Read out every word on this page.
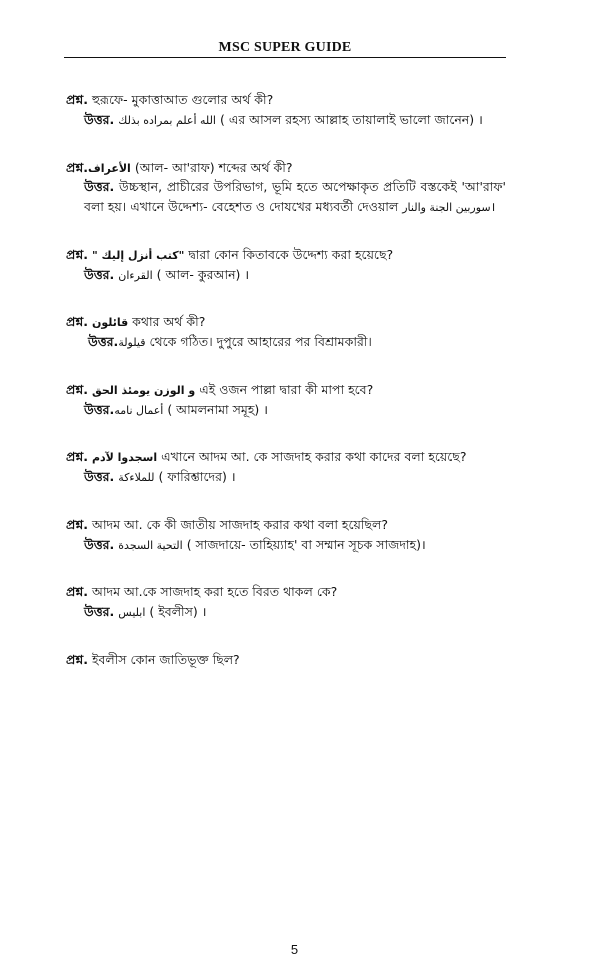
MSC SUPER GUIDE

প্রশ্ন. হুরূফে- মুকাত্তাআত গুলোর অর্থ কী?

উত্তর. الله أعلم بمراده بذلك ( এর আসল রহস্য আল্লাহ তায়ালাই ভালো জানেন) ।

প্রশ্ন.الأعراف (আল- আ'রাফ) শব্দের অর্থ কী?

উত্তর. উচ্চস্থান, প্রাচীরের উপরিভাগ, ভূমি হতে অপেক্ষাকৃত প্রতিটি বস্তকেই 'আ'রাফ' বলা হয়। এখানে উদ্দেশ্য- বেহেশত ও দোযখের মধ্যবর্তী দেওয়াল سوربين الجنة والنار।

প্রশ্ন. "كتب أنزل إليك " দ্বারা কোন কিতাবকে উদ্দেশ্য করা হয়েছে?

উত্তর. القرءان ( আল- কুরআন) ।

প্রশ্ন. قائلون কথার অর্থ কী?

উত্তর.قيلولة থেকে গঠিত। দুপুরে আহারের পর বিশ্রামকারী।

প্রশ্ন. و الوزن يومئذ الحق এই ওজন পাল্লা দ্বারা কী মাপা হবে?

উত্তর.أعمال نامه ( আমলনামা সমূহ) ।

প্রশ্ন. اسجدوا لآدم এখানে আদম আ. কে সাজদাহ করার কথা কাদের বলা হয়েছে?

উত্তর. للملاءكة ( ফারিশ্তাদের) ।

প্রশ্ন. আদম আ. কে কী জাতীয় সাজদাহ করার কথা বলা হয়েছিল?

উত্তর. التحية السجدة ( সাজদায়ে- তাহিয়্যাহ' বা সম্মান সূচক সাজদাহ)।

প্রশ্ন. আদম আ.কে সাজদাহ করা হতে বিরত থাকল কে?

উত্তর. ابليس ( ইবলীস) ।

প্রশ্ন. ইবলীস কোন জাতিভূক্ত ছিল?

5
